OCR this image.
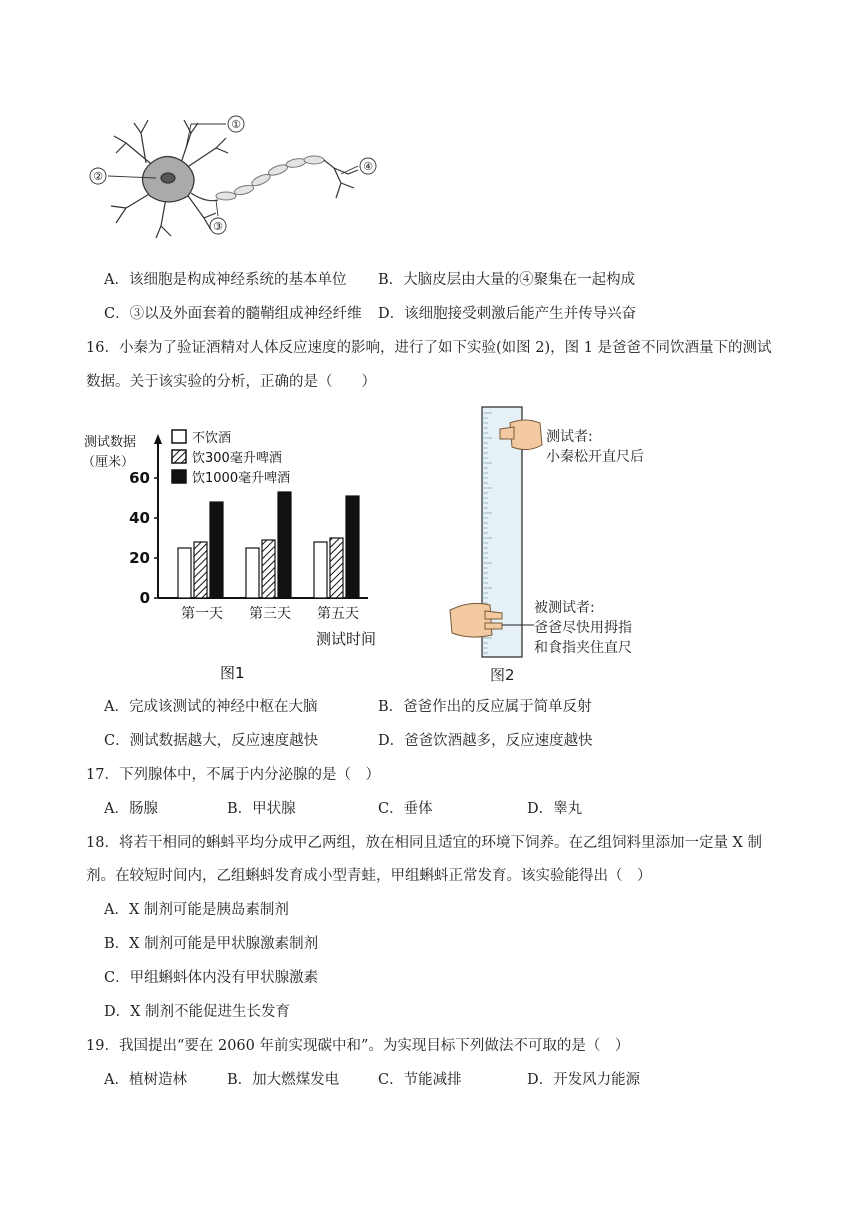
①
②
③
④
A．该细胞是构成神经系统的基本单位 B．大脑皮层由大量的④聚集在一起构成
C．③以及外面套着的髓鞘组成神经纤维 D．该细胞接受刺激后能产生并传导兴奋
16．小秦为了验证酒精对人体反应速度的影响，进行了如下实验(如图 2)，图 1 是爸爸不同饮酒量下的测试
数据。关于该实验的分析，正确的是（　　）
0
20
40
60
测试数据
（厘米）
不饮酒
饮300毫升啤酒
饮1000毫升啤酒
第一天 第三天 第五天
测试时间
图1
测试者:
小秦松开直尺后
被测试者:
爸爸尽快用拇指
和食指夹住直尺
图2
A．完成该测试的神经中枢在大脑	B．爸爸作出的反应属于简单反射
C．测试数据越大，反应速度越快	D．爸爸饮酒越多，反应速度越快
17．下列腺体中，不属于内分泌腺的是（　）
A．肠腺	B．甲状腺	C．垂体	D．睾丸
18．将若干相同的蝌蚪平均分成甲乙两组，放在相同且适宜的环境下饲养。在乙组饲料里添加一定量 X 制
剂。在较短时间内，乙组蝌蚪发育成小型青蛙，甲组蝌蚪正常发育。该实验能得出（　）
A．X 制剂可能是胰岛素制剂
B．X 制剂可能是甲状腺激素制剂
C．甲组蝌蚪体内没有甲状腺激素
D．X 制剂不能促进生长发育
19．我国提出“要在 2060 年前实现碳中和”。为实现目标下列做法不可取的是（　）
A．植树造林	B．加大燃煤发电	C．节能减排	D．开发风力能源
